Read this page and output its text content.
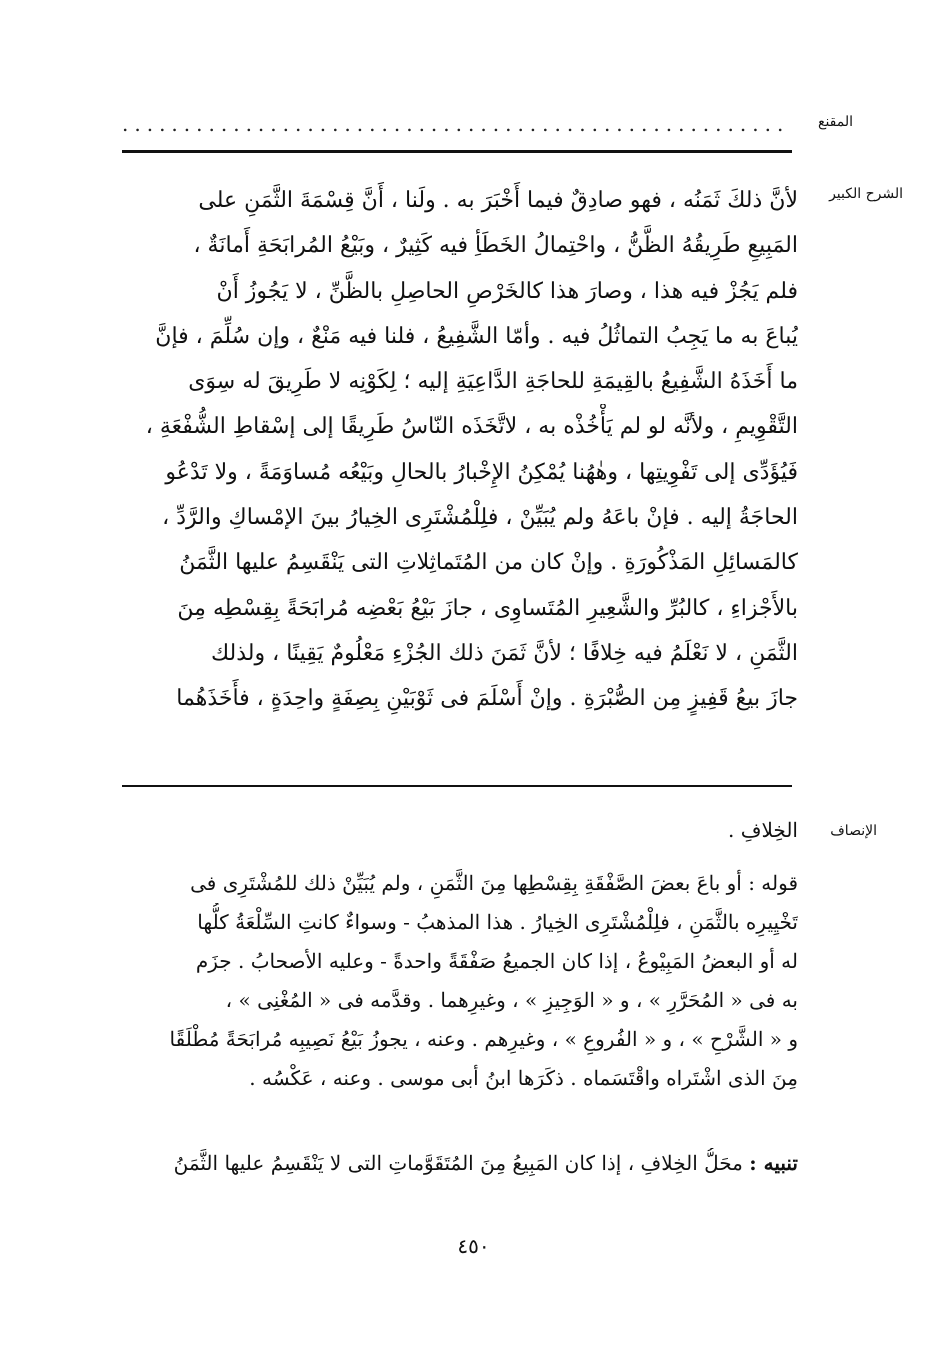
المقنع
......................................................
الشرح الكبير
لأنَّ ذلكَ ثَمَنُه ، فهو صادِقٌ فيما أَخْبَرَ به . ولَنا ، أَنَّ قِسْمَةَ الثَّمَنِ على
المَبِيعِ طَرِيقُهُ الظَّنُّ ، واحْتِمالُ الخَطَأِ فيه كَثِيرٌ ، وبَيْعُ المُرابَحَةِ أَمانَةٌ ،
فلم يَجُزْ فيه هذا ، وصارَ هذا كالخَرْصِ الحاصِلِ بالظَّنِّ ، لا يَجُوزُ أَنْ
يُباعَ به ما يَجِبُ التماثُلُ فيه . وأمّا الشَّفِيعُ ، فلنا فيه مَنْعٌ ، وإن سُلِّمَ ، فإنَّ
ما أَخَذَهُ الشَّفِيعُ بالقِيمَةِ للحاجَةِ الدَّاعِيَةِ إليه ؛ لِكَوْنِه لا طَرِيقَ له سِوَى
التَّقْوِيمِ ، ولأنَّه لو لم يَأْخُذْه به ، لاتَّخَذَه النّاسُ طَرِيقًا إلى إسْقاطِ الشُّفْعَةِ ،
فَيُؤَدِّى إلى تَفْوِيتِها ، وهٰهُنا يُمْكِنُ الإِخْبارُ بالحالِ وبَيْعُه مُساوَمَةً ، ولا تَدْعُو
الحاجَةُ إليه . فإنْ باعَهُ ولم يُبَيِّنْ ، فلِلْمُشْتَرِى الخِيارُ بينَ الإمْساكِ والرَّدِّ ،
كالمَسائِلِ المَذْكُورَةِ . وإنْ كان من المُتَماثِلاتِ التى يَنْقَسِمُ عليها الثَّمَنُ
بالأَجْزاءِ ، كالبُرِّ والشَّعِيرِ المُتَساوِى ، جازَ بَيْعُ بَعْضِه مُرابَحَةً بِقِسْطِه مِنَ
الثَّمَنِ ، لا نَعْلَمُ فيه خِلافًا ؛ لأنَّ ثَمَنَ ذلك الجُزْءِ مَعْلُومٌ يَقِينًا ، ولذلك
جازَ بيعُ قَفِيزٍ مِن الصُّبْرَةِ . وإنْ أَسْلَمَ فى ثَوْبَيْنِ بِصِفَةٍ واحِدَةٍ ، فأَخَذَهُما
الإنصاف
الخِلافِ .
قوله : أو باعَ بعضَ الصَّفْقَةِ بِقِسْطِها مِنَ الثَّمَنِ ، ولم يُبَيِّنْ ذلك للمُشْتَرِى فى
تَخْيِيرِه بالثَّمَنِ ، فلِلْمُشْتَرِى الخِيارُ . هذا المذهبُ - وسواءٌ كانتِ السِّلْعَةُ كلُّها
له أو البعضُ المَبِيْوعُ ، إذا كان الجميعُ صَفْقَةً واحدةً - وعليه الأصحابُ . جزَم
به فى « المُحَرَّرِ » ، و « الوَجِيزِ » ، وغيرِهما . وقدَّمه فى « المُغْنِى » ،
و « الشَّرْحِ » ، و « الفُروعِ » ، وغيرِهم . وعنه ، يجوزُ بَيْعُ نَصِيبِه مُرابَحَةً مُطْلَقًا
مِنَ الذى اشْتَراه واقْتَسَماه . ذكَرَها ابنُ أبى موسى . وعنه ، عَكْسُه .
تنبيه : محَلُّ الخِلافِ ، إذا كان المَبِيعُ مِنَ المُتَقَوَّماتِ التى لا يَنْقَسِمُ عليها الثَّمَنُ
٤٥٠
